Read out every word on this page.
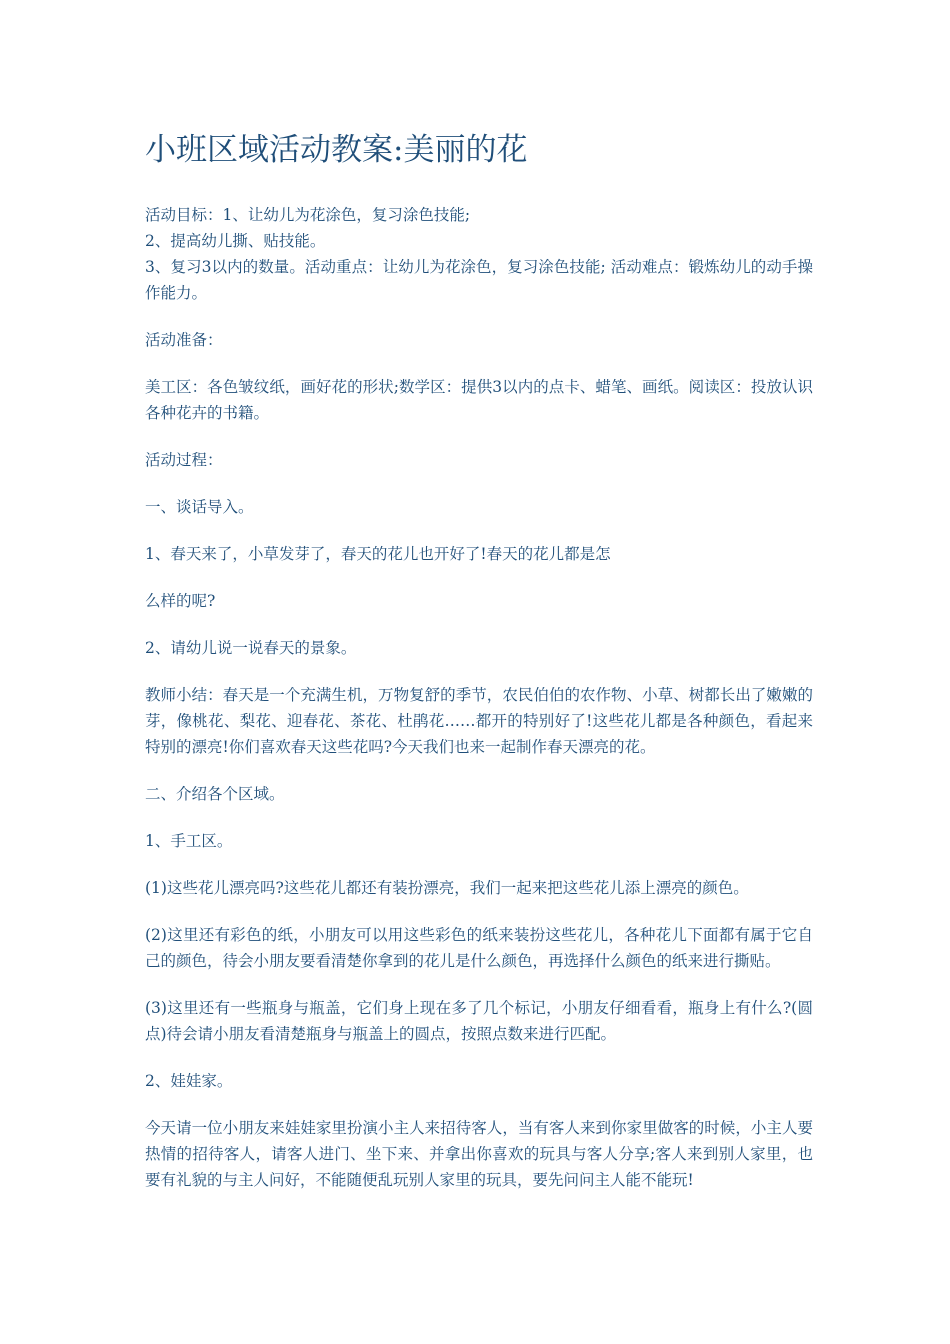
小班区域活动教案:美丽的花

活动目标：1、让幼儿为花涂色，复习涂色技能;

2、提高幼儿撕、贴技能。

3、复习3以内的数量。活动重点：让幼儿为花涂色，复习涂色技能; 活动难点：锻炼幼儿的动手操作能力。

活动准备：

美工区：各色皱纹纸，画好花的形状;数学区：提供3以内的点卡、蜡笔、画纸。阅读区：投放认识各种花卉的书籍。

活动过程：

一、谈话导入。

1、春天来了，小草发芽了，春天的花儿也开好了!春天的花儿都是怎

么样的呢?

2、请幼儿说一说春天的景象。

教师小结：春天是一个充满生机，万物复舒的季节，农民伯伯的农作物、小草、树都长出了嫩嫩的芽，像桃花、梨花、迎春花、茶花、杜鹃花……都开的特别好了!这些花儿都是各种颜色，看起来特别的漂亮!你们喜欢春天这些花吗?今天我们也来一起制作春天漂亮的花。

二、介绍各个区域。

1、手工区。

(1)这些花儿漂亮吗?这些花儿都还有装扮漂亮，我们一起来把这些花儿添上漂亮的颜色。

(2)这里还有彩色的纸，小朋友可以用这些彩色的纸来装扮这些花儿，各种花儿下面都有属于它自己的颜色，待会小朋友要看清楚你拿到的花儿是什么颜色，再选择什么颜色的纸来进行撕贴。

(3)这里还有一些瓶身与瓶盖，它们身上现在多了几个标记，小朋友仔细看看，瓶身上有什么?(圆点)待会请小朋友看清楚瓶身与瓶盖上的圆点，按照点数来进行匹配。

2、娃娃家。

今天请一位小朋友来娃娃家里扮演小主人来招待客人，当有客人来到你家里做客的时候，小主人要热情的招待客人，请客人进门、坐下来、并拿出你喜欢的玩具与客人分享;客人来到别人家里，也要有礼貌的与主人问好，不能随便乱玩别人家里的玩具，要先问问主人能不能玩!
